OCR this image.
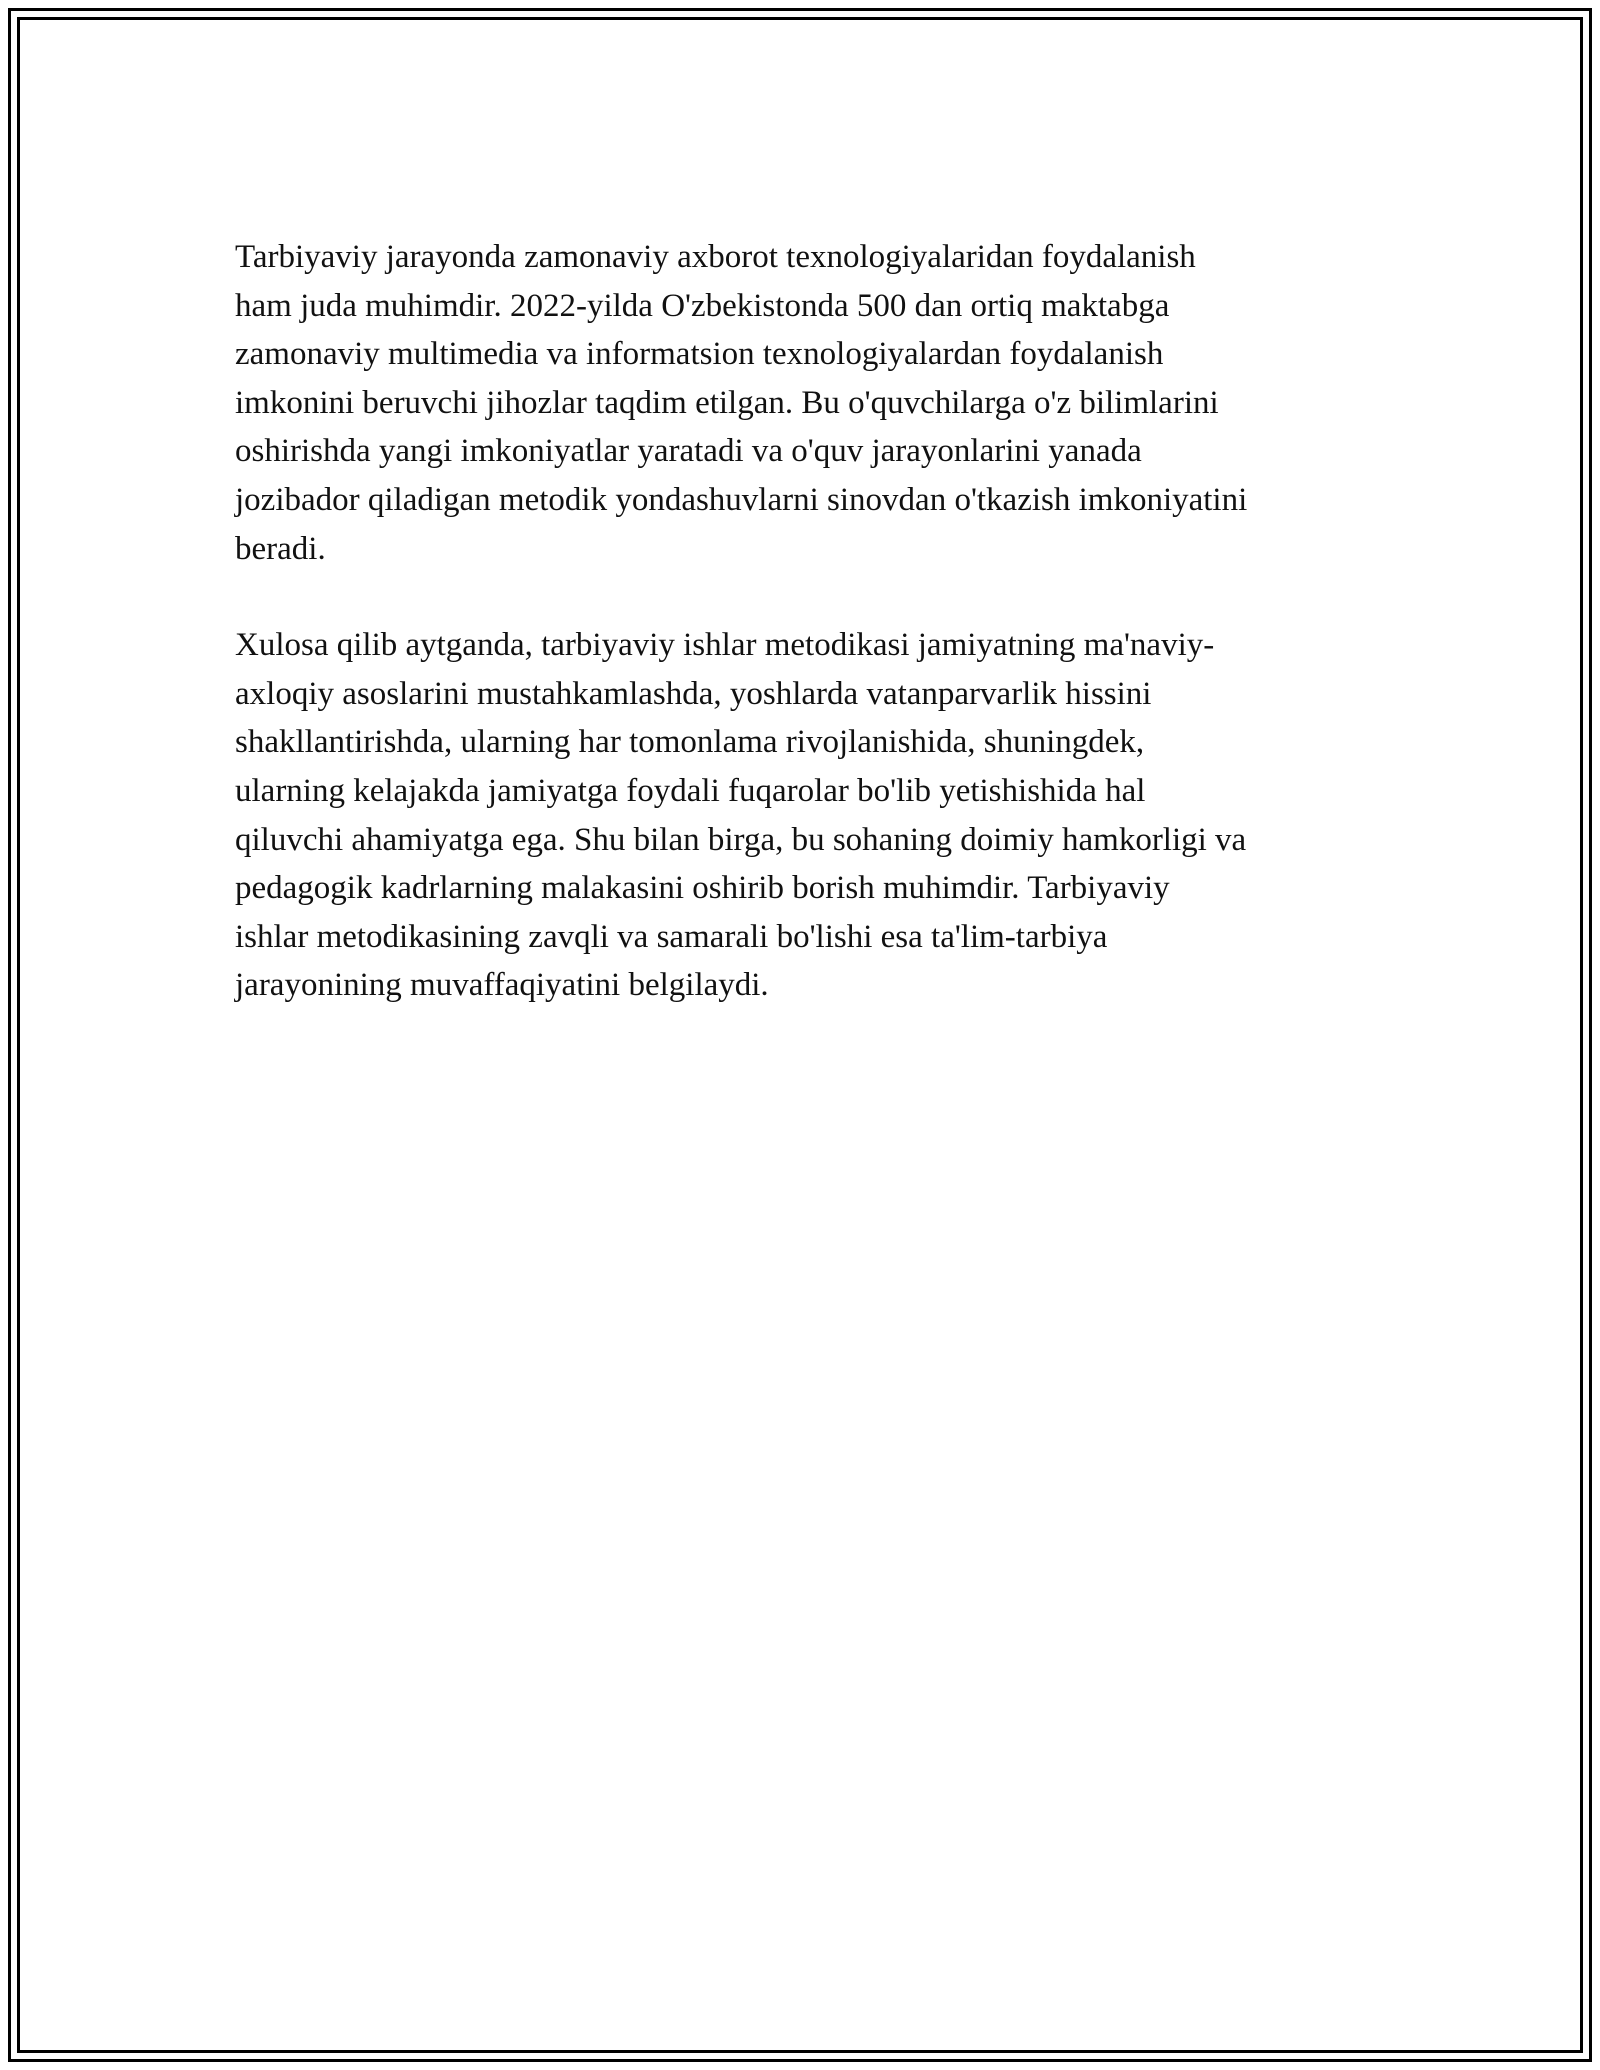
Tarbiyaviy jarayonda zamonaviy axborot texnologiyalaridan foydalanish
ham juda muhimdir. 2022-yilda O'zbekistonda 500 dan ortiq maktabga
zamonaviy multimedia va informatsion texnologiyalardan foydalanish
imkonini beruvchi jihozlar taqdim etilgan. Bu o'quvchilarga o'z bilimlarini
oshirishda yangi imkoniyatlar yaratadi va o'quv jarayonlarini yanada
jozibador qiladigan metodik yondashuvlarni sinovdan o'tkazish imkoniyatini
beradi.

Xulosa qilib aytganda, tarbiyaviy ishlar metodikasi jamiyatning ma'naviy-
axloqiy asoslarini mustahkamlashda, yoshlarda vatanparvarlik hissini
shakllantirishda, ularning har tomonlama rivojlanishida, shuningdek,
ularning kelajakda jamiyatga foydali fuqarolar bo'lib yetishishida hal
qiluvchi ahamiyatga ega. Shu bilan birga, bu sohaning doimiy hamkorligi va
pedagogik kadrlarning malakasini oshirib borish muhimdir. Tarbiyaviy
ishlar metodikasining zavqli va samarali bo'lishi esa ta'lim-tarbiya
jarayonining muvaffaqiyatini belgilaydi.
